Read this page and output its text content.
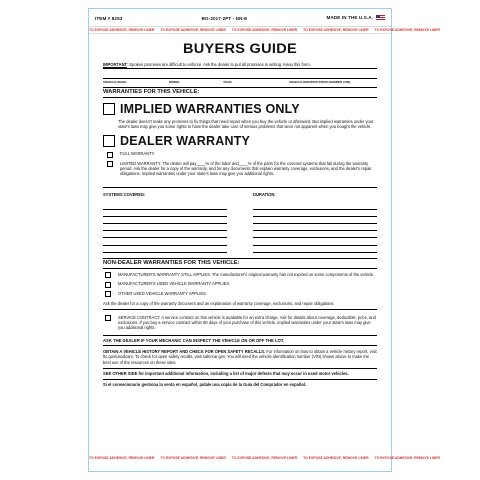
ITEM # 8253	BG-2017-2PT - NN-E	MADE IN THE U.S.A.
TO EXPOSE ADHESIVE, REMOVE LINER TO EXPOSE ADHESIVE, REMOVE LINER TO EXPOSE ADHESIVE, REMOVE LINER TO EXPOSE ADHESIVE, REMOVE LINER TO EXPOSE ADHESIVE, REMOVE LINER
BUYERS GUIDE
IMPORTANT: Spoken promises are difficult to enforce. Ask the dealer to put all promises in writing. Keep this form.
VEHICLE MAKE	MODEL	YEAR	VEHICLE IDENTIFICATION NUMBER (VIN)
WARRANTIES FOR THIS VEHICLE:
IMPLIED WARRANTIES ONLY
The dealer doesn't make any promises to fix things that need repair when you buy the vehicle or afterward. But implied warranties under your state's laws may give you some rights to have the dealer take care of serious problems that were not apparent when you bought the vehicle.
DEALER WARRANTY
FULL WARRANTY.
LIMITED WARRANTY. The dealer will pay____% of the labor and____% of the parts for the covered systems that fail during the warranty period. Ask the dealer for a copy of the warranty, and for any documents that explain warranty coverage, exclusions, and the dealer's repair obligations. Implied warranties under your state's laws may give you additional rights.
SYSTEMS COVERED:	DURATION:
NON-DEALER WARRANTIES FOR THIS VEHICLE:
MANUFACTURER'S WARRANTY STILL APPLIES. The manufacturer's original warranty has not expired on some components of the vehicle.
MANUFACTURER'S USED VEHICLE WARRANTY APPLIES.
OTHER USED VEHICLE WARRANTY APPLIES.
Ask the dealer for a copy of the warranty document and an explanation of warranty coverage, exclusions, and repair obligations
SERVICE CONTRACT. A service contract on this vehicle is available for an extra charge. Ask for details about coverage, deductible, price, and exclusions. If you buy a service contract within 90 days of your purchase of this vehicle, implied warranties under your state's laws may give you additional rights.
ASK THE DEALER IF YOUR MECHANIC CAN INSPECT THE VEHICLE ON OR OFF THE LOT.
OBTAIN A VEHICLE HISTORY REPORT AND CHECK FOR OPEN SAFETY RECALLS. For information on how to obtain a vehicle history report, visit ftc.gov/usedcars. To check for open safety recalls, visit safercar.gov. You will need the vehicle identification number (VIN) shown above to make the best use of the resources on these sites.
SEE OTHER SIDE for important additional information, including a list of major defects that may occur in used motor vehicles.
Si el consecionario gestiona la venta en español, pidale una copia de la Guía del Comprador en español.
TO EXPOSE ADHESIVE, REMOVE LINER TO EXPOSE ADHESIVE, REMOVE LINER TO EXPOSE ADHESIVE, REMOVE LINER TO EXPOSE ADHESIVE, REMOVE LINER TO EXPOSE ADHESIVE, REMOVE LINER
